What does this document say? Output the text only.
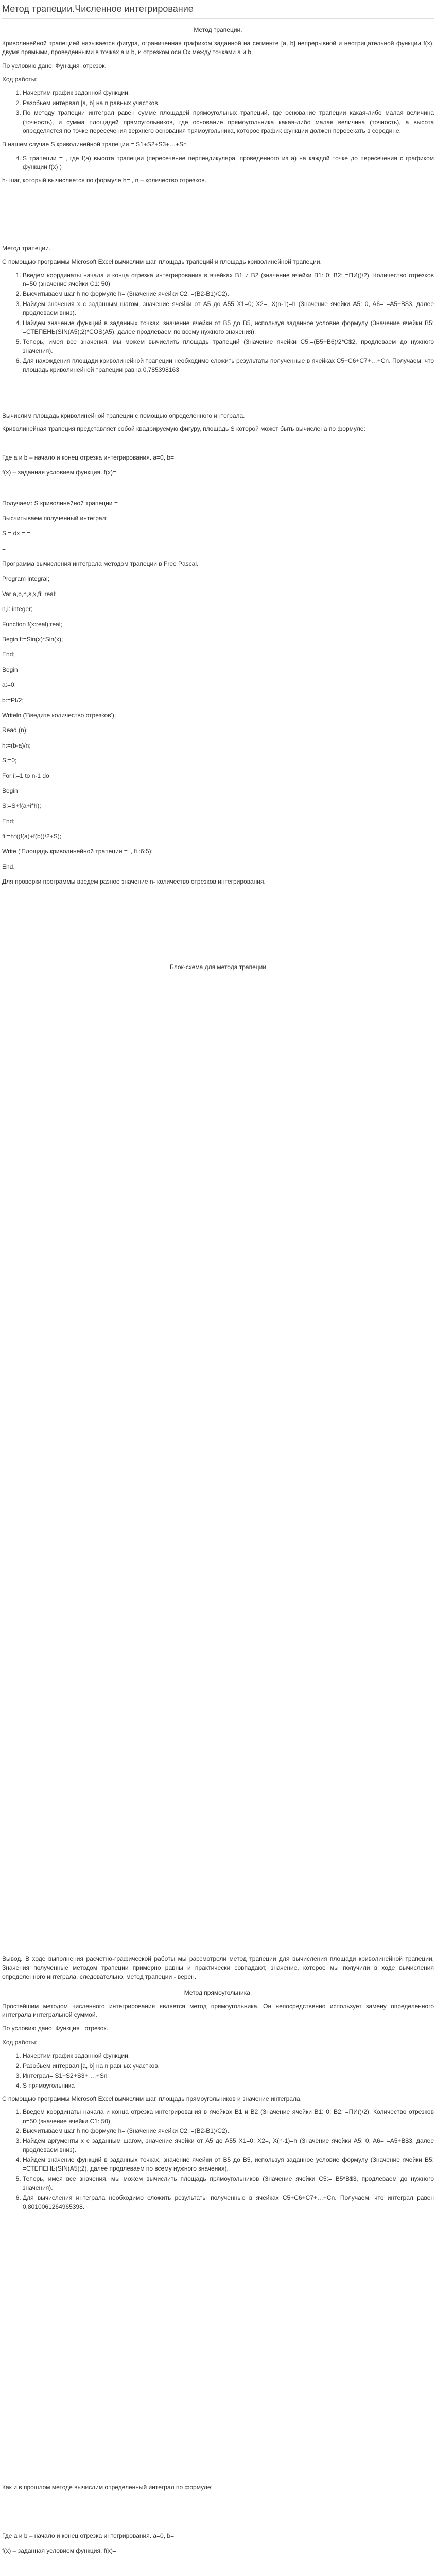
Метод трапеции.Численное интегрирование

Метод трапеции.

Криволинейной трапецией называется фигура, ограниченная графиком заданной на сегменте [a, b] непрерывной и неотрицательной функции f(x), двумя прямыми, проведенными в точках a и b, и отрезком оси Ox между точками a и b.

По условию дано: Функция ,отрезок.

Ход работы:

1. Начертим график заданной функции.
2. Разобьем интервал [a, b] на n равных участков.
3. По методу трапеции интеграл равен сумме площадей прямоугольных трапеций, где основание трапеции какая-либо малая величина (точность), и сумма площадей прямоугольников, где основание прямоугольника какая-либо малая величина (точность), а высота определяется по точке пересечения верхнего основания прямоугольника, которое график функции должен пересекать в середине.

В нашем случае S криволинейной трапеции = S1+S2+S3+…+Sn

4. S трапеции = , где f(a) высота трапеции (пересечение перпендикуляра, проведенного из a) на каждой точке до пересечения с графиком функции f(x) )

h- шаг, который вычисляется по формуле h= , n – количество отрезков.

Метод трапеции.

С помощью программы Microsoft Excel вычислим шаг, площадь трапеций и площадь криволинейной трапеции.

1. Введем координаты начала и конца отрезка интегрирования в ячейках B1 и B2 (значение ячейки B1: 0; B2: =ПИ()/2). Количество отрезков n=50 (значение ячейки C1: 50)
2. Высчитываем шаг h по формуле h= (Значение ячейки C2: =(B2-B1)/C2).
3. Найдем значения x с заданным шагом, значение ячейки от A5 до A55 X1=0; X2=, X(n-1)=h (Значение ячейки A5: 0, A6= =A5+B$3, далее продлеваем вниз).
4. Найдем значение функций в заданных точках, значение ячейки от B5 до B5, используя заданное условие формулу (Значение ячейки B5: =СТЕПЕНЬ(SIN(A5);2)*COS(A5), далее продлеваем по всему нужного значения).
5. Теперь, имея все значения, мы можем вычислить площадь трапеций (Значение ячейки C5:=(B5+B6)/2*C$2, продлеваем до нужного значения).
6. Для нахождения площади криволинейной трапеции необходимо сложить результаты полученные в ячейках C5+C6+C7+…+Cn. Получаем, что площадь криволинейной трапеции равна 0,785398163

Вычислим площадь криволинейной трапеции с помощью определенного интеграла.

Криволинейная трапеция представляет собой квадрируемую фигуру, площадь S которой может быть вычислена по формуле:

Где a и b – начало и конец отрезка интегрирования. a=0, b=

f(x) – заданная условием функция. f(x)=

Получаем: S криволинейной трапеции =

Высчитываем полученный интеграл:

S = dx = =

=

Программа вычисления интеграла методом трапеции в Free Pascal.

Program integral;

Var a,b,h,s,x,fi: real;

n,i: integer;

Function f(x:real):real;

Begin f:=Sin(x)*Sin(x);

End;

Begin

a:=0;

b:=PI/2;

Writeln ('Введите количество отрезков');

Read (n);

h:=(b-a)/n;

S:=0;

For i:=1 to n-1 do

Begin

S:=S+f(a+i*h);

End;

fi:=h*((f(a)+f(b))/2+S);

Write ('Площадь криволинейной трапеции = ', fi :6:5);

End.

Для проверки программы введем разное значение n- количество отрезков интегрирования.

Блок-схема для метода трапеции

Вывод. В ходе выполнения расчетно-графической работы мы рассмотрели метод трапеции для вычисления площади криволинейной трапеции. Значения полученные методом трапеции примерно равны и практически совпадают, значение, которое мы получили в ходе вычисления определенного интеграла, следовательно, метод трапеции - верен.

Метод прямоугольника.

Простейшим методом численного интегрирования является метод прямоугольника. Он непосредственно использует замену определенного интеграла интегральной суммой.

По условию дано: Функция , отрезок.

Ход работы:

1. Начертим график заданной функции.
2. Разобьем интервал [a, b] на n равных участков.
3. Интеграл= S1+S2+S3+ …+Sn
4. S прямоугольника

С помощью программы Microsoft Excel вычислим шаг, площадь прямоугольников и значение интеграла.

1. Введем координаты начала и конца отрезка интегрирования в ячейках B1 и B2 (Значение ячейки B1: 0; B2: =ПИ()/2). Количество отрезков n=50 (значение ячейки C1: 50)
2. Высчитываем шаг h по формуле h= (Значение ячейки C2: =(B2-B1)/C2).
3. Найдем аргументы x с заданным шагом, значение ячейки от A5 до A55 X1=0; X2=, X(n-1)=h (Значение ячейки A5: 0, A6= =A5+B$3, далее продлеваем вниз).
4. Найдем значение функций в заданных точках, значение ячейки от B5 до B5, используя заданное условие формулу (Значение ячейки B5: =СТЕПЕНЬ(SIN(A5);2), далее продлеваем по всему нужного значения).
5. Теперь, имея все значения, мы можем вычислить площадь прямоугольников (Значение ячейки C5:= B5*B$3, продлеваем до нужного значения).
6. Для вычисления интеграла необходимо сложить результаты полученные в ячейках C5+C6+C7+…+Cn. Получаем, что интеграл равен 0,8010061264965398.

Как и в прошлом методе вычислим определенный интеграл по формуле:

Где a и b – начало и конец отрезка интегрирования. a=0, b=

f(x) – заданная условием функция. f(x)=
